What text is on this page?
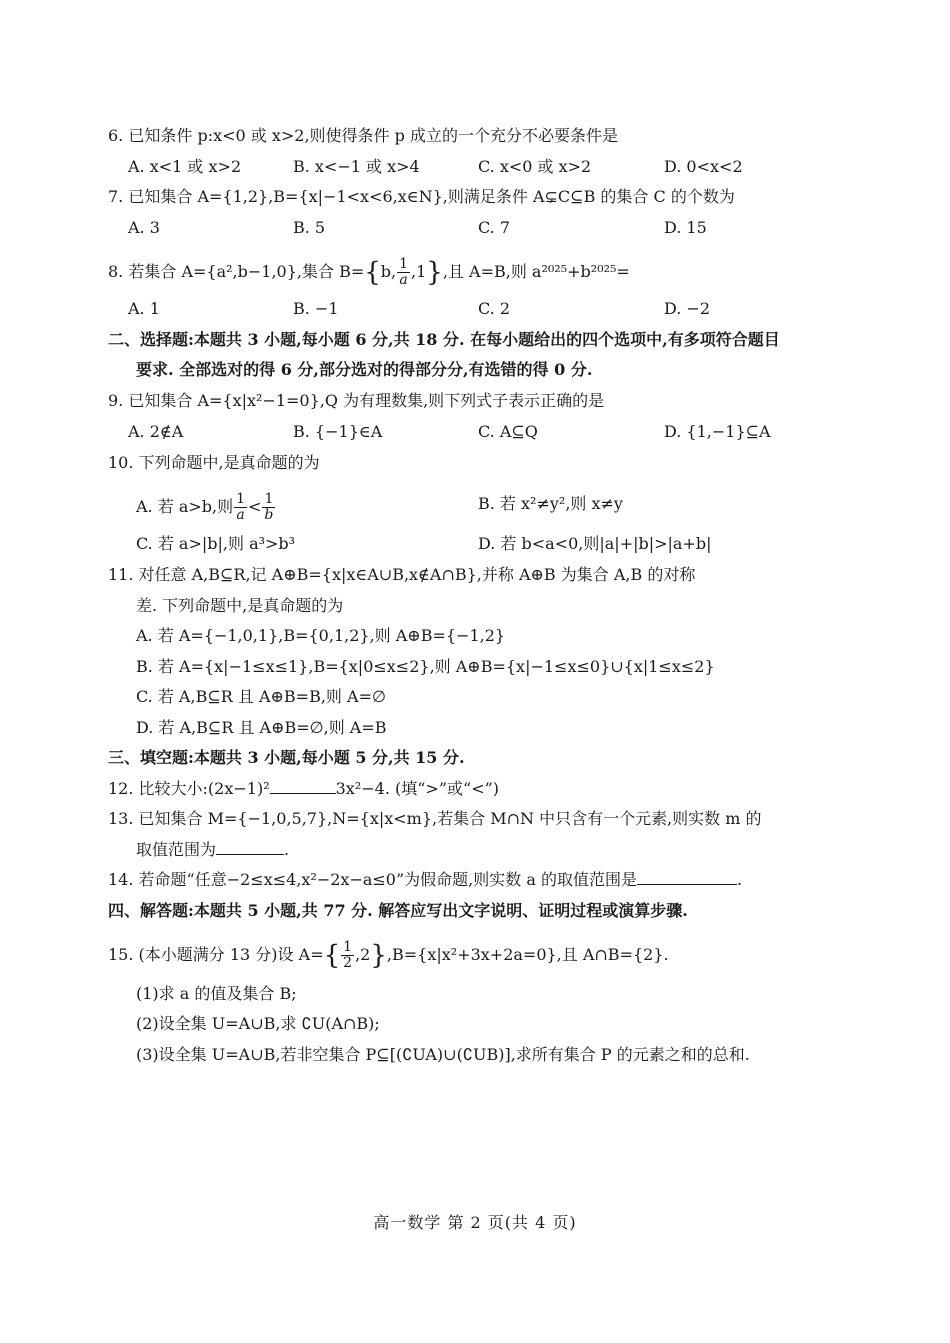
6. 已知条件 p:x<0 或 x>2,则使得条件 p 成立的一个充分不必要条件是
A. x<1 或 x>2	B. x<−1 或 x>4	C. x<0 或 x>2	D. 0<x<2
7. 已知集合 A={1,2},B={x|−1<x<6,x∈N},则满足条件 A⊊C⊆B 的集合 C 的个数为
A. 3	B. 5	C. 7	D. 15
8. 若集合 A={a²,b−1,0},集合 B={b, $\frac{1}{a} ,1$},且 A=B,则 a²⁰²⁵+b²⁰²⁵=
A. 1	B. −1	C. 2	D. −2
二、选择题:本题共 3 小题,每小题 6 分,共 18 分. 在每小题给出的四个选项中,有多项符合题目
要求. 全部选对的得 6 分,部分选对的得部分分,有选错的得 0 分.
9. 已知集合 A={x|x²−1=0},Q 为有理数集,则下列式子表示正确的是
A. 2∉A	B. {−1}∈A	C. A⊆Q	D. {1,−1}⊆A
10. 下列命题中,是真命题的为
A. 若 a>b,则 $\frac{1}{a} < \frac{1}{b}$	B. 若 x²≠y²,则 x≠y
C. 若 a>|b|,则 a³>b³	D. 若 b<a<0,则|a|+|b|>|a+b|
11. 对任意 A,B⊆R,记 A⊕B={x|x∈A∪B,x∉A∩B},并称 A⊕B 为集合 A,B 的对称
差. 下列命题中,是真命题的为
A. 若 A={−1,0,1},B={0,1,2},则 A⊕B={−1,2}
B. 若 A={x|−1≤x≤1},B={x|0≤x≤2},则 A⊕B={x|−1≤x≤0}∪{x|1≤x≤2}
C. 若 A,B⊆R 且 A⊕B=B,则 A=∅
D. 若 A,B⊆R 且 A⊕B=∅,则 A=B
三、填空题:本题共 3 小题,每小题 5 分,共 15 分.
12. 比较大小:(2x−1)²	3x²−4. (填“>”或“<”)
13. 已知集合 M={−1,0,5,7},N={x|x<m},若集合 M∩N 中只含有一个元素,则实数 m 的
取值范围为	.
14. 若命题“任意−2≤x≤4,x²−2x−a≤0”为假命题,则实数 a 的取值范围是	.
四、解答题:本题共 5 小题,共 77 分. 解答应写出文字说明、证明过程或演算步骤.
15. (本小题满分 13 分)设 $A=\{ \frac{1}{2} ,2\},B=\{x|x^2+3x+2a=0\}$,且 A∩B={2}.
(1)求 a 的值及集合 B;
(2)设全集 U=A∪B,求 ∁U(A∩B);
(3)设全集 U=A∪B,若非空集合 P⊆[(∁UA)∪(∁UB)],求所有集合 P 的元素之和的总和.
高一数学 第 2 页(共 4 页)
